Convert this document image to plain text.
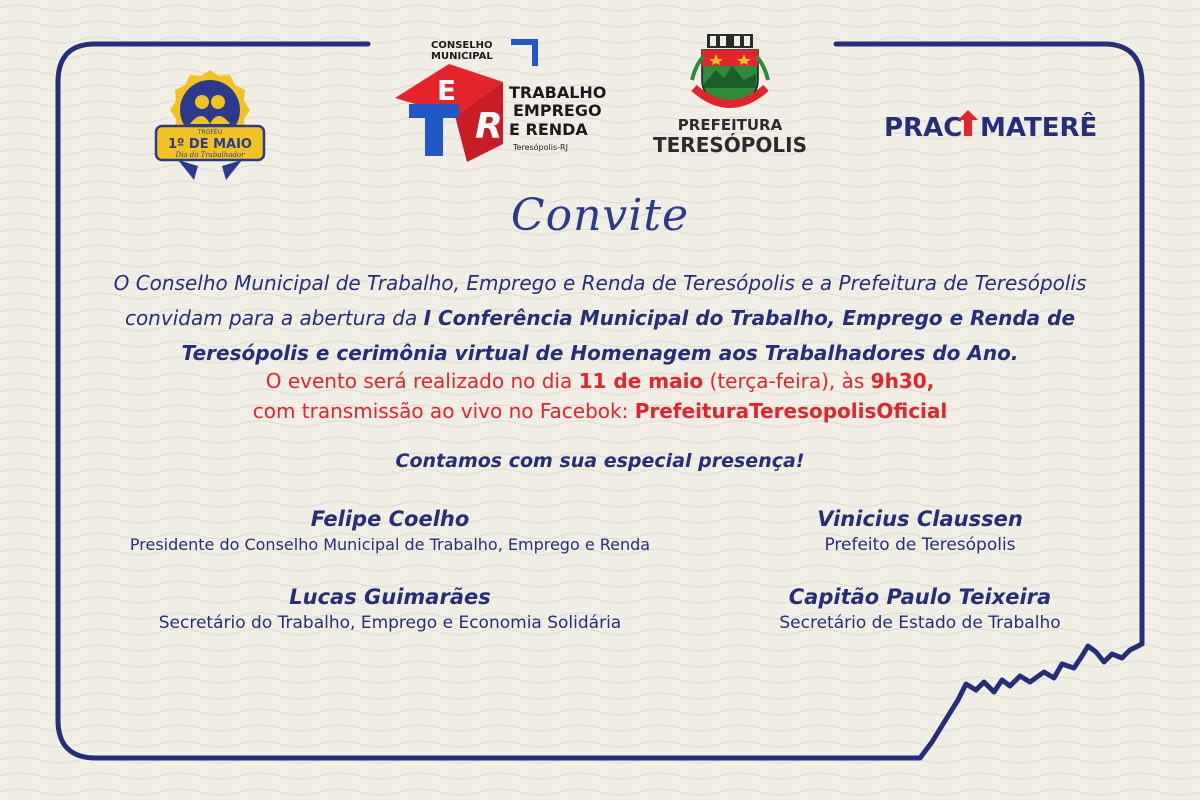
TROFÉU
1º DE MAIO
Dia do Trabalhador
CONSELHO
MUNICIPAL
E
R
TRABALHO
EMPREGO
E RENDA
Teresópolis-RJ
PREFEITURA
TERESÓPOLIS
PRAC MATERÊ
Convite
O Conselho Municipal de Trabalho, Emprego e Renda de Teresópolis e a Prefeitura de Teresópolis convidam para a abertura da I Conferência Municipal do Trabalho, Emprego e Renda de Teresópolis e cerimônia virtual de Homenagem aos Trabalhadores do Ano.
O evento será realizado no dia 11 de maio (terça-feira), às 9h30,
com transmissão ao vivo no Facebok: PrefeituraTeresopolisOficial
Contamos com sua especial presença!
Felipe Coelho
Presidente do Conselho Municipal de Trabalho, Emprego e Renda
Vinicius Claussen
Prefeito de Teresópolis
Lucas Guimarães
Secretário do Trabalho, Emprego e Economia Solidária
Capitão Paulo Teixeira
Secretário de Estado de Trabalho
